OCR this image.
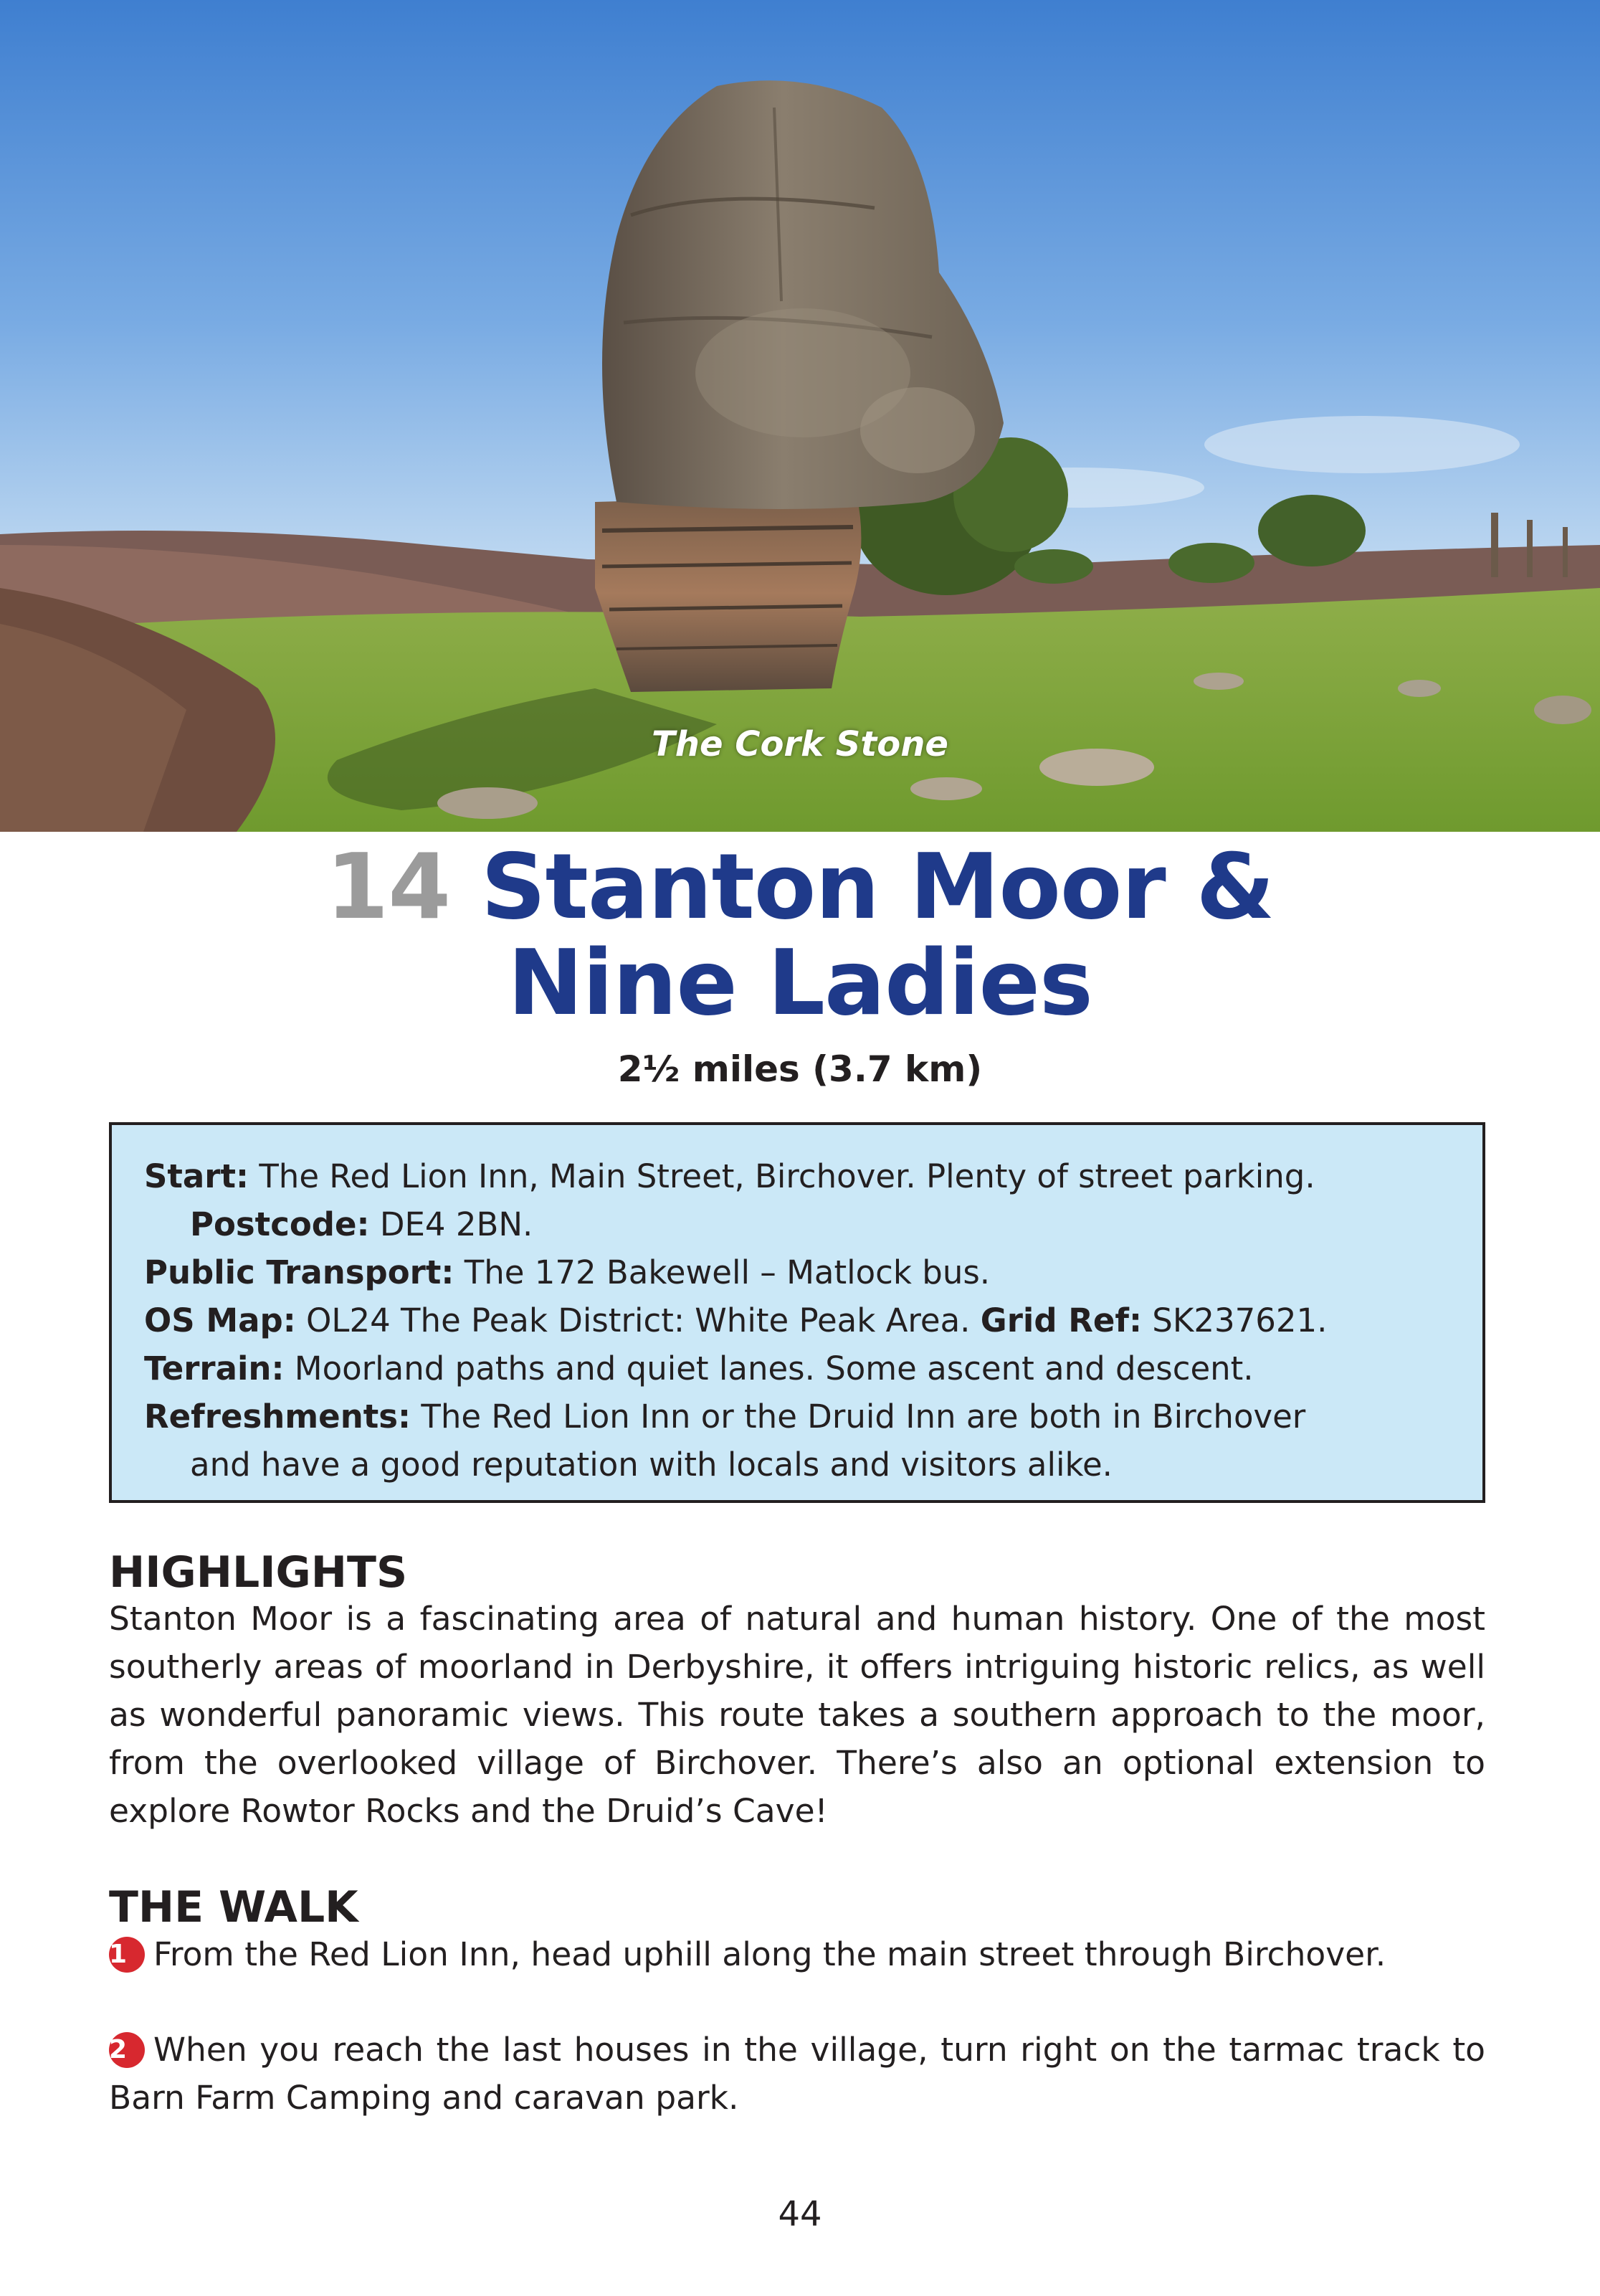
The Cork Stone
14 Stanton Moor &
Nine Ladies
2½ miles (3.7 km)

Start: The Red Lion Inn, Main Street, Birchover. Plenty of street parking.

Postcode: DE4 2BN.

Public Transport: The 172 Bakewell – Matlock bus.

OS Map: OL24 The Peak District: White Peak Area. Grid Ref: SK237621.

Terrain: Moorland paths and quiet lanes. Some ascent and descent.

Refreshments: The Red Lion Inn or the Druid Inn are both in Birchover

and have a good reputation with locals and visitors alike.

HIGHLIGHTS

Stanton Moor is a fascinating area of natural and human history. One of the most southerly areas of moorland in Derbyshire, it offers intriguing historic relics, as well as wonderful panoramic views. This route takes a southern approach to the moor, from the overlooked village of Birchover. There’s also an optional extension to explore Rowtor Rocks and the Druid’s Cave!

THE WALK

1 From the Red Lion Inn, head uphill along the main street through Birchover.

2 When you reach the last houses in the village, turn right on the tarmac track to Barn Farm Camping and caravan park.

44
